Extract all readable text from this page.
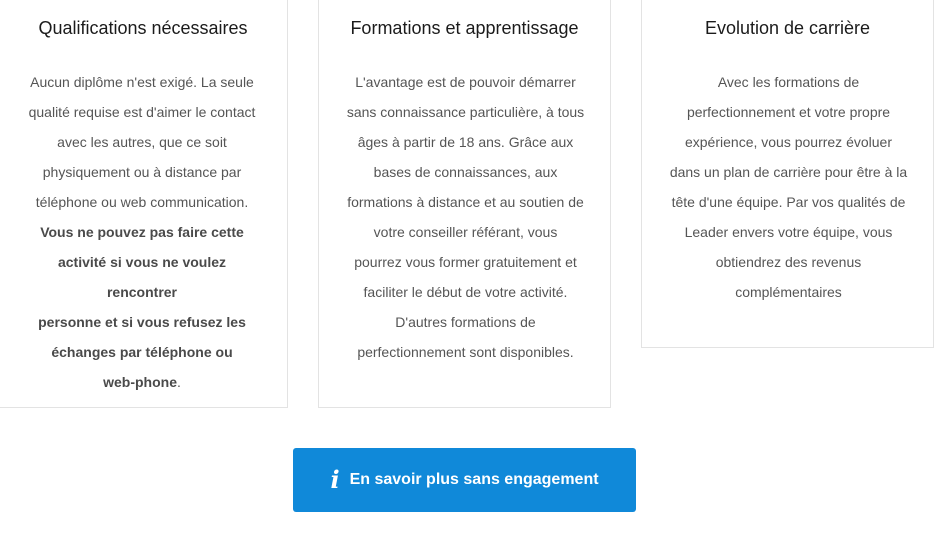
Qualifications nécessaires
Aucun diplôme n'est exigé. La seule
qualité requise est d'aimer le contact
avec les autres, que ce soit
physiquement ou à distance par
téléphone ou web communication.
Vous ne pouvez pas faire cette
activité si vous ne voulez rencontrer
personne et si vous refusez les
échanges par téléphone ou
web-phone.
Formations et apprentissage
L'avantage est de pouvoir démarrer
sans connaissance particulière, à tous
âges à partir de 18 ans. Grâce aux
bases de connaissances, aux
formations à distance et au soutien de
votre conseiller référant, vous
pourrez vous former gratuitement et
faciliter le début de votre activité.
D'autres formations de
perfectionnement sont disponibles.
Evolution de carrière
Avec les formations de
perfectionnement et votre propre
expérience, vous pourrez évoluer
dans un plan de carrière pour être à la
tête d'une équipe. Par vos qualités de
Leader envers votre équipe, vous
obtiendrez des revenus
complémentaires
i En savoir plus sans engagement
